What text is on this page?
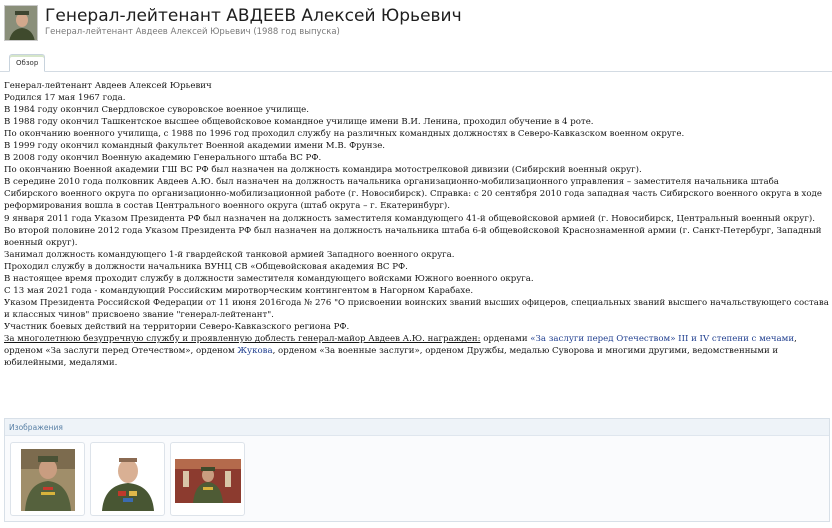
Генерал-лейтенант АВДЕЕВ Алексей Юрьевич
Генерал-лейтенант Авдеев Алексей Юрьевич (1988 год выпуска)
Обзор

Генерал-лейтенант Авдеев Алексей Юрьевич

Родился 17 мая 1967 года.

В 1984 году окончил Свердловское суворовское военное училище.

В 1988 году окончил Ташкентское высшее общевойсковое командное училище имени В.И. Ленина, проходил обучение в 4 роте.

По окончанию военного училища, с 1988 по 1996 год проходил службу на различных командных должностях в Северо-Кавказском военном округе.

В 1999 году окончил командный факультет Военной академии имени М.В. Фрунзе.

В 2008 году окончил Военную академию Генерального штаба ВС РФ.

По окончанию Военной академии ГШ ВС РФ был назначен на должность командира мотострелковой дивизии (Сибирский военный округ).

В середине 2010 года полковник Авдеев А.Ю. был назначен на должность начальника организационно-мобилизационного управления – заместителя начальника штаба Сибирского военного округа по организационно-мобилизационной работе (г. Новосибирск). Справка: с 20 сентября 2010 года западная часть Сибирского военного округа в ходе реформирования вошла в состав Центрального военного округа (штаб округа – г. Екатеринбург).

9 января 2011 года Указом Президента РФ был назначен на должность заместителя командующего 41-й общевойсковой армией (г. Новосибирск, Центральный военный округ).

Во второй половине 2012 года Указом Президента РФ был назначен на должность начальника штаба 6-й общевойсковой Краснознаменной армии (г. Санкт-Петербург, Западный военный округ).

Занимал должность командующего 1-й гвардейской танковой армией Западного военного округа.

Проходил службу в должности начальника ВУНЦ СВ «Общевойсковая академия ВС РФ.

В настоящее время проходит службу в должности заместителя командующего войсками Южного военного округа.

С 13 мая 2021 года - командующий Российским миротворческим контингентом в Нагорном Карабахе.

Указом Президента Российской Федерации от 11 июня 2016года № 276 "О присвоении воинских званий высших офицеров, специальных званий высшего начальствующего состава и классных чинов" присвоено звание "генерал-лейтенант".

Участник боевых действий на территории Северо-Кавказского региона РФ.

За многолетнюю безупречную службу и проявленную доблесть генерал-майор Авдеев А.Ю. награжден: орденами «За заслуги перед Отечеством» III и IV степени с мечами, орденом «За заслуги перед Отечеством», орденом Жукова, орденом «За военные заслуги», орденом Дружбы, медалью Суворова и многими другими, ведомственными и юбилейными, медалями.

Изображения
